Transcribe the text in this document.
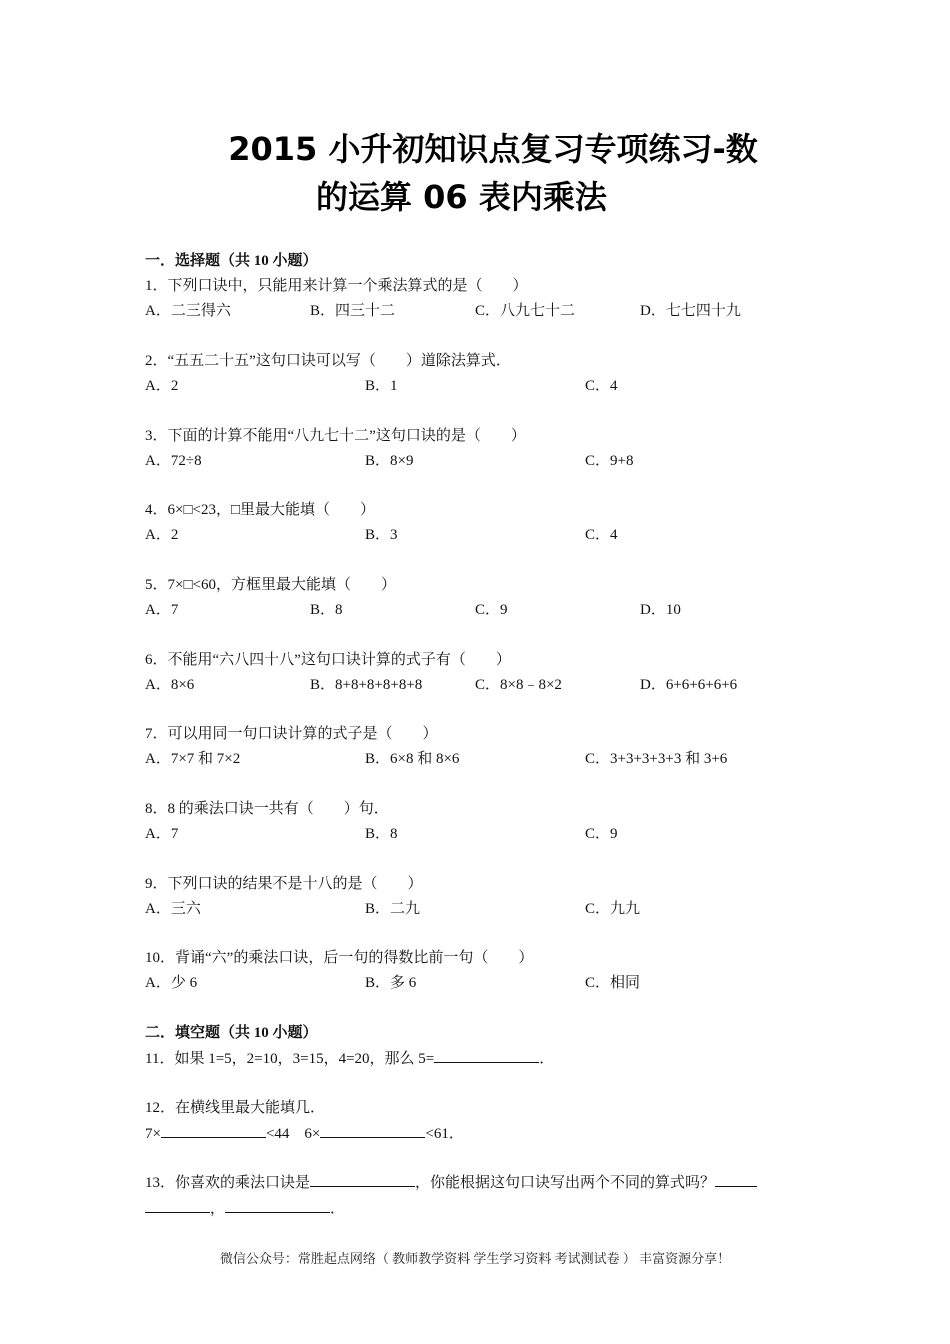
2015 小升初知识点复习专项练习-数
的运算 06 表内乘法
一．选择题（共 10 小题）
1．下列口诀中，只能用来计算一个乘法算式的是（　　）
A．二三得六	B．四三十二	C．八九七十二	D．七七四十九
2．“五五二十五”这句口诀可以写（　　）道除法算式．
A．2	B．1	C．4
3．下面的计算不能用“八九七十二”这句口诀的是（　　）
A．72÷8	B．8×9	C．9+8
4．6×□<23，□里最大能填（　　）
A．2	B．3	C．4
5．7×□<60，方框里最大能填（　　）
A．7	B．8	C．9	D．10
6．不能用“六八四十八”这句口诀计算的式子有（　　）
A．8×6	B．8+8+8+8+8+8	C．8×8﹣8×2	D．6+6+6+6+6
7．可以用同一句口诀计算的式子是（　　）
A．7×7 和 7×2	B．6×8 和 8×6	C．3+3+3+3+3 和 3+6
8．8 的乘法口诀一共有（　　）句．
A．7	B．8	C．9
9．下列口诀的结果不是十八的是（　　）
A．三六	B．二九	C．九九
10．背诵“六”的乘法口诀，后一句的得数比前一句（　　）
A．少 6	B．多 6	C．相同
二．填空题（共 10 小题）
11．如果 1=5，2=10，3=15，4=20，那么 5=	．
12．在横线里最大能填几．
7×	<44　6×	<61．
13．你喜欢的乘法口诀是	，你能根据这句口诀写出两个不同的算式吗？
，	．
微信公众号：常胜起点网络（ 教师教学资料 学生学习资料 考试测试卷 ） 丰富资源分享！
